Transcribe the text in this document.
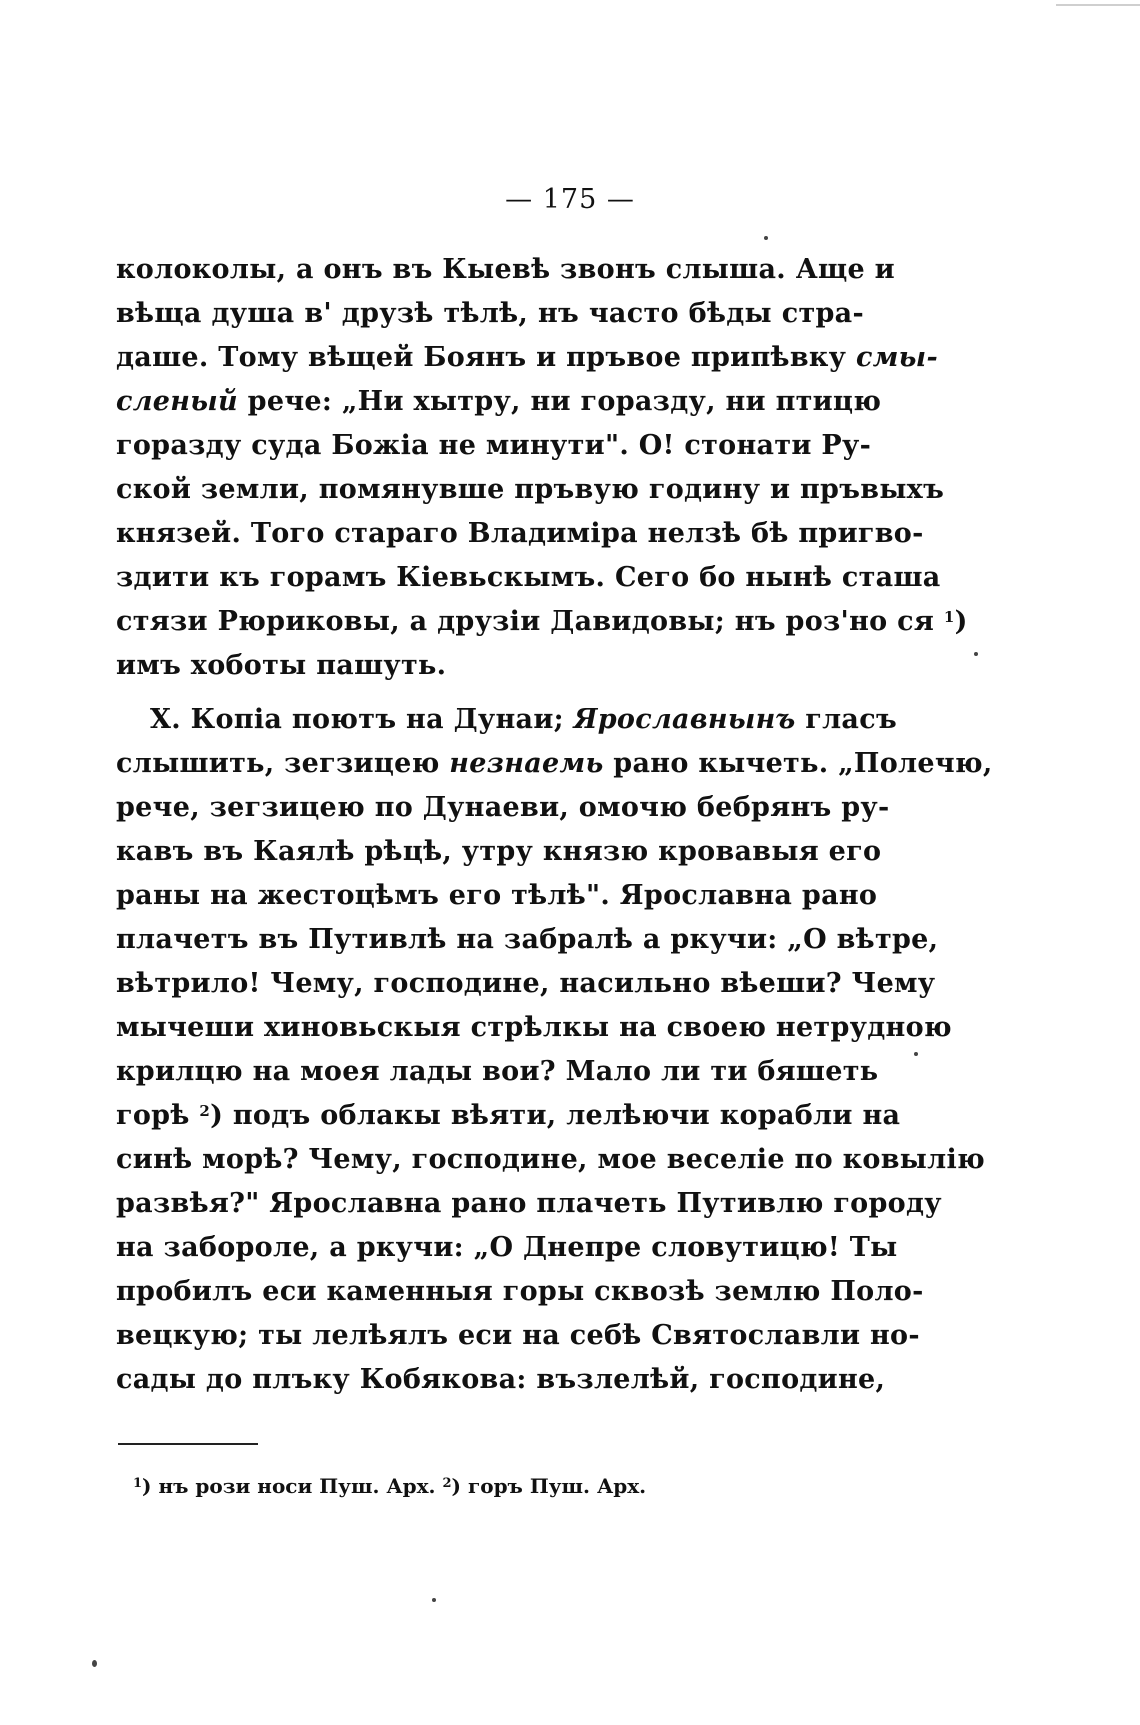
— 175 —
колоколы, а онъ въ Кыевѣ звонъ слыша. Аще и
вѣща душа в' друзѣ тѣлѣ, нъ часто бѣды стра-
даше. Тому вѣщей Боянъ и пръвое припѣвку смы-
сленый речe: „Ни хытру, ни горазду, ни птицю
горазду суда Божiа не минути". О! стонати Ру-
ской земли, помянувше пръвую годину и пръвыхъ
князей. Того стараго Владимiра нелзѣ бѣ пригво-
здити къ горамъ Кiевьскымъ. Сего бо нынѣ сташа
стязи Рюрикoвы, а друзiи Давидовы; нъ роз'но ся $^1$)
имъ хоботы пашуть.
X. Копiа поютъ на Дунаи; Ярославнынъ гласъ
слышить, зегзицею незнаемь рано кычеть. „Полечю,
рече, зегзицею по Дунаеви, омочю бебрянъ ру-
кавъ въ Каялѣ рѣцѣ, утру князю кровавыя его
раны на жестоцѣмъ его тѣлѣ". Ярославна рано
плачетъ въ Путивлѣ на забралѣ а ркучи: „О вѣтре,
вѣтрило! Чему, господине, насильно вѣеши? Чему
мычеши хиновьскыя стрѣлкы на своею нетрудною
крилцю на моея лады вои? Мало ли ти бяшеть
горѣ $^2$) подъ облакы вѣяти, лелѣючи корабли на
синѣ морѣ? Чему, господине, мое веселiе по ковылiю
развѣя?" Ярославна рано плачеть Путивлю городу
на забороле, а ркучи: „О Днепре словутицю! Ты
пробилъ еси каменныя горы сквозѣ землю Поло-
вецкую; ты лелѣялъ еси на себѣ Святославли но-
сады до плъку Кобякова: възлелѣй, господине,
$^1$) нъ рози носи Пуш. Арх. $^2$) горъ Пуш. Арх.
